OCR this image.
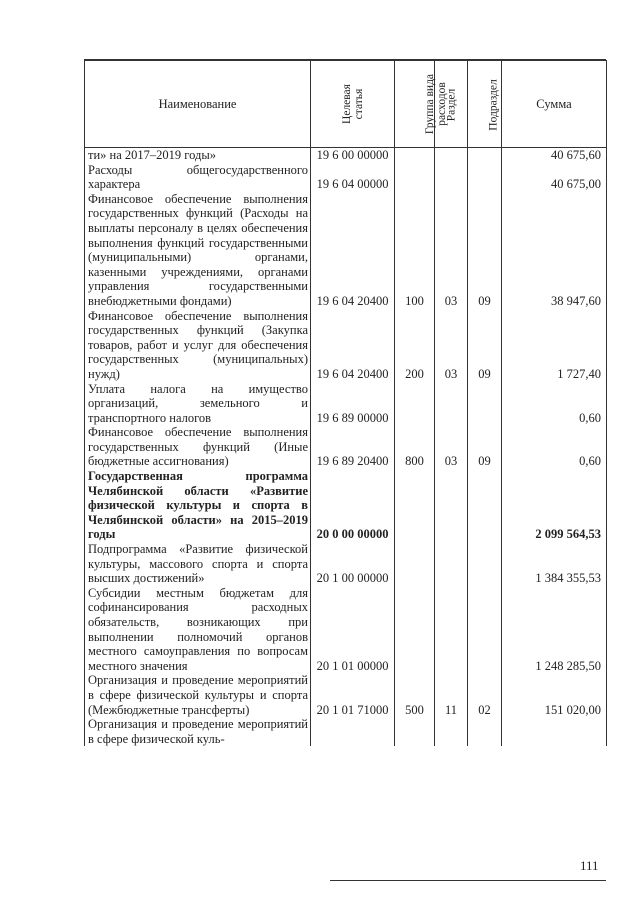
Наименование	Целевая статья	Группа вида расходов	Раздел	Подраздел	Сумма
ти» на 2017–2019 годы»	19 6 00 00000				40 675,60
Расходы общегосударственного характера	19 6 04 00000				40 675,00
Финансовое обеспечение выполнения государственных функций (Расходы на выплаты персоналу в целях обеспечения выполнения функций государственными (муниципальными) органами, казенными учреждениями, органами управления государственными внебюджетными фондами)	19 6 04 20400	100	03	09	38 947,60
Финансовое обеспечение выполнения государственных функций (Закупка товаров, работ и услуг для обеспечения государственных (муниципальных) нужд)	19 6 04 20400	200	03	09	1 727,40
Уплата налога на имущество организаций, земельного и транспортного налогов	19 6 89 00000				0,60
Финансовое обеспечение выполнения государственных функций (Иные бюджетные ассигнования)	19 6 89 20400	800	03	09	0,60
Государственная программа Челябинской области «Развитие физической культуры и спорта в Челябинской области» на 2015–2019 годы	20 0 00 00000				2 099 564,53
Подпрограмма «Развитие физической культуры, массового спорта и спорта высших достижений»	20 1 00 00000				1 384 355,53
Субсидии местным бюджетам для софинансирования расходных обязательств, возникающих при выполнении полномочий органов местного самоуправления по вопросам местного значения	20 1 01 00000				1 248 285,50
Организация и проведение мероприятий в сфере физической культуры и спорта (Межбюджетные трансферты)	20 1 01 71000	500	11	02	151 020,00
Организация и проведение мероприятий в сфере физической куль-					
111
